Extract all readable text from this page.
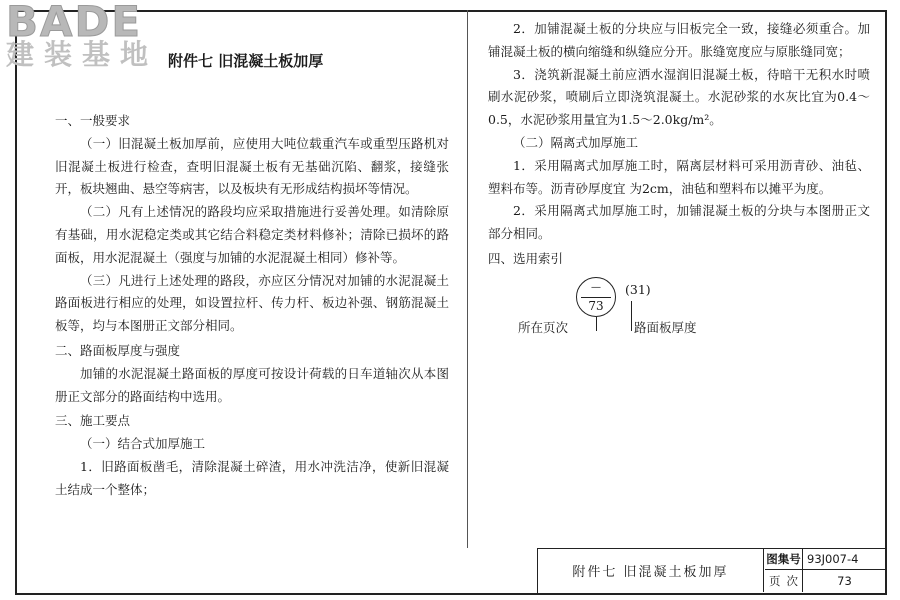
BADE
建装基地 附件七 旧混凝土板加厚

一、一般要求

（一）旧混凝土板加厚前，应使用大吨位载重汽车或重型压路机对旧混凝土板进行检查，查明旧混凝土板有无基础沉陷、翻浆，接缝张开，板块翘曲、悬空等病害，以及板块有无形成结构损坏等情况。

（二）凡有上述情况的路段均应采取措施进行妥善处理。如清除原有基础，用水泥稳定类或其它结合料稳定类材料修补；清除已损坏的路面板，用水泥混凝土（强度与加铺的水泥混凝土相同）修补等。

（三）凡进行上述处理的路段，亦应区分情况对加铺的水泥混凝土路面板进行相应的处理，如设置拉杆、传力杆、板边补强、钢筋混凝土板等，均与本图册正文部分相同。

二、路面板厚度与强度

加铺的水泥混凝土路面板的厚度可按设计荷载的日车道轴次从本图册正文部分的路面结构中选用。

三、施工要点

（一）结合式加厚施工

1．旧路面板凿毛，清除混凝土碎渣，用水冲洗洁净，使新旧混凝土结成一个整体；

2．加铺混凝土板的分块应与旧板完全一致，接缝必须重合。加铺混凝土板的横向缩缝和纵缝应分开。胀缝宽度应与原胀缝同宽；

3．浇筑新混凝土前应洒水湿润旧混凝土板，待暗干无积水时喷刷水泥砂浆，喷刷后立即浇筑混凝土。水泥砂浆的水灰比宜为0.4～0.5，水泥砂浆用量宜为1.5～2.0kg/m²。

（二）隔离式加厚施工

1．采用隔离式加厚施工时，隔离层材料可采用沥青砂、油毡、塑料布等。沥青砂厚度宜 为2cm，油毡和塑料布以摊平为度。

2．采用隔离式加厚施工时，加铺混凝土板的分块与本图册正文部分相同。

四、选用索引

—
73
(31)
所在页次	路面板厚度
附件七 旧混凝土板加厚
图集号 93J007-4
页 次	73
